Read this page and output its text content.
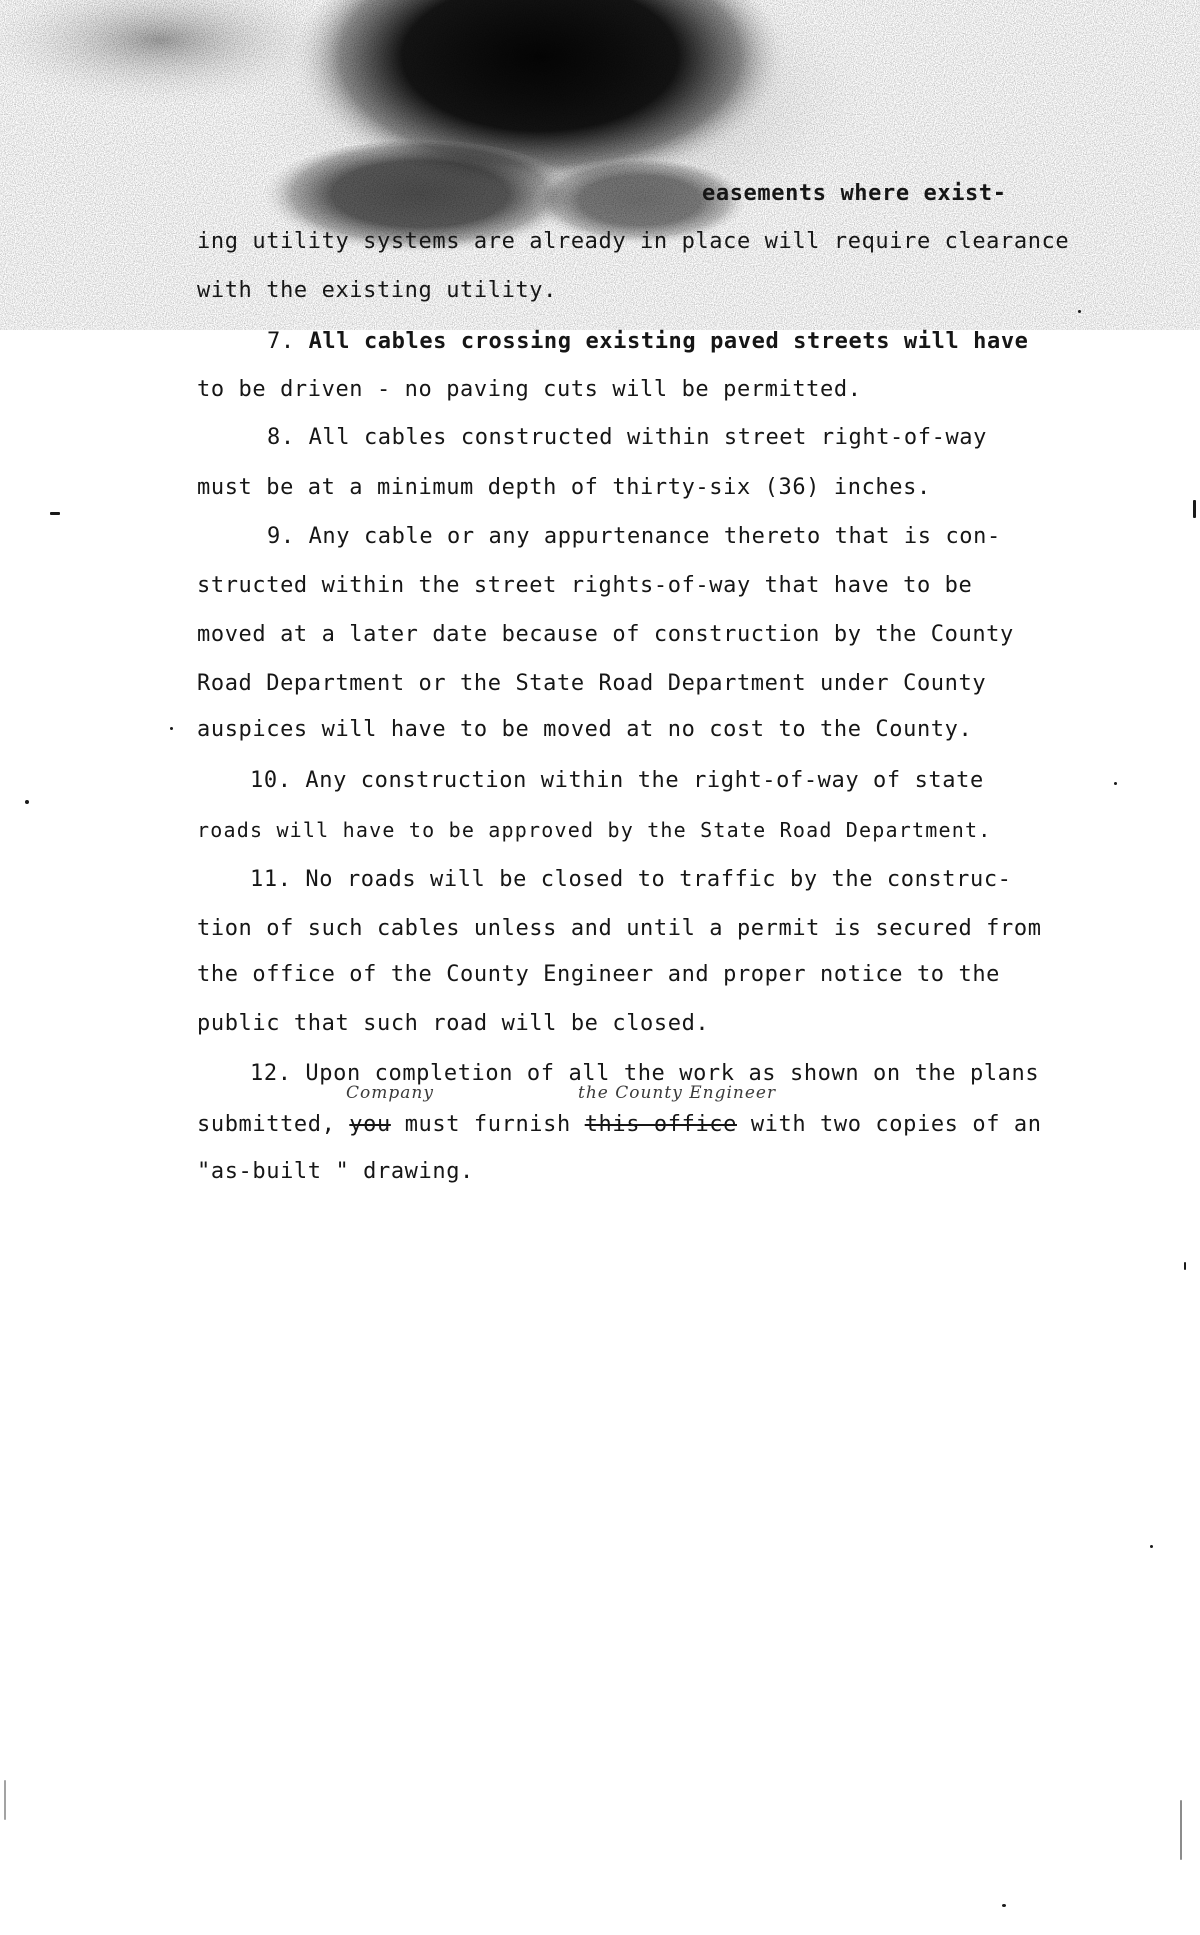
easements where exist-
ing utility systems are already in place will require clearance
with the existing utility.
7. All cables crossing existing paved streets will have
to be driven - no paving cuts will be permitted.
8. All cables constructed within street right-of-way
must be at a minimum depth of thirty-six (36) inches.
9. Any cable or any appurtenance thereto that is con-
structed within the street rights-of-way that have to be
moved at a later date because of construction by the County
Road Department or the State Road Department under County
auspices will have to be moved at no cost to the County.
10. Any construction within the right-of-way of state
roads will have to be approved by the State Road Department.
11. No roads will be closed to traffic by the construc-
tion of such cables unless and until a permit is secured from
the office of the County Engineer and proper notice to the
public that such road will be closed.
12. Upon completion of all the work as shown on the plans
Company	the County Engineer
submitted, you must furnish this office with two copies of an
"as-built " drawing.
